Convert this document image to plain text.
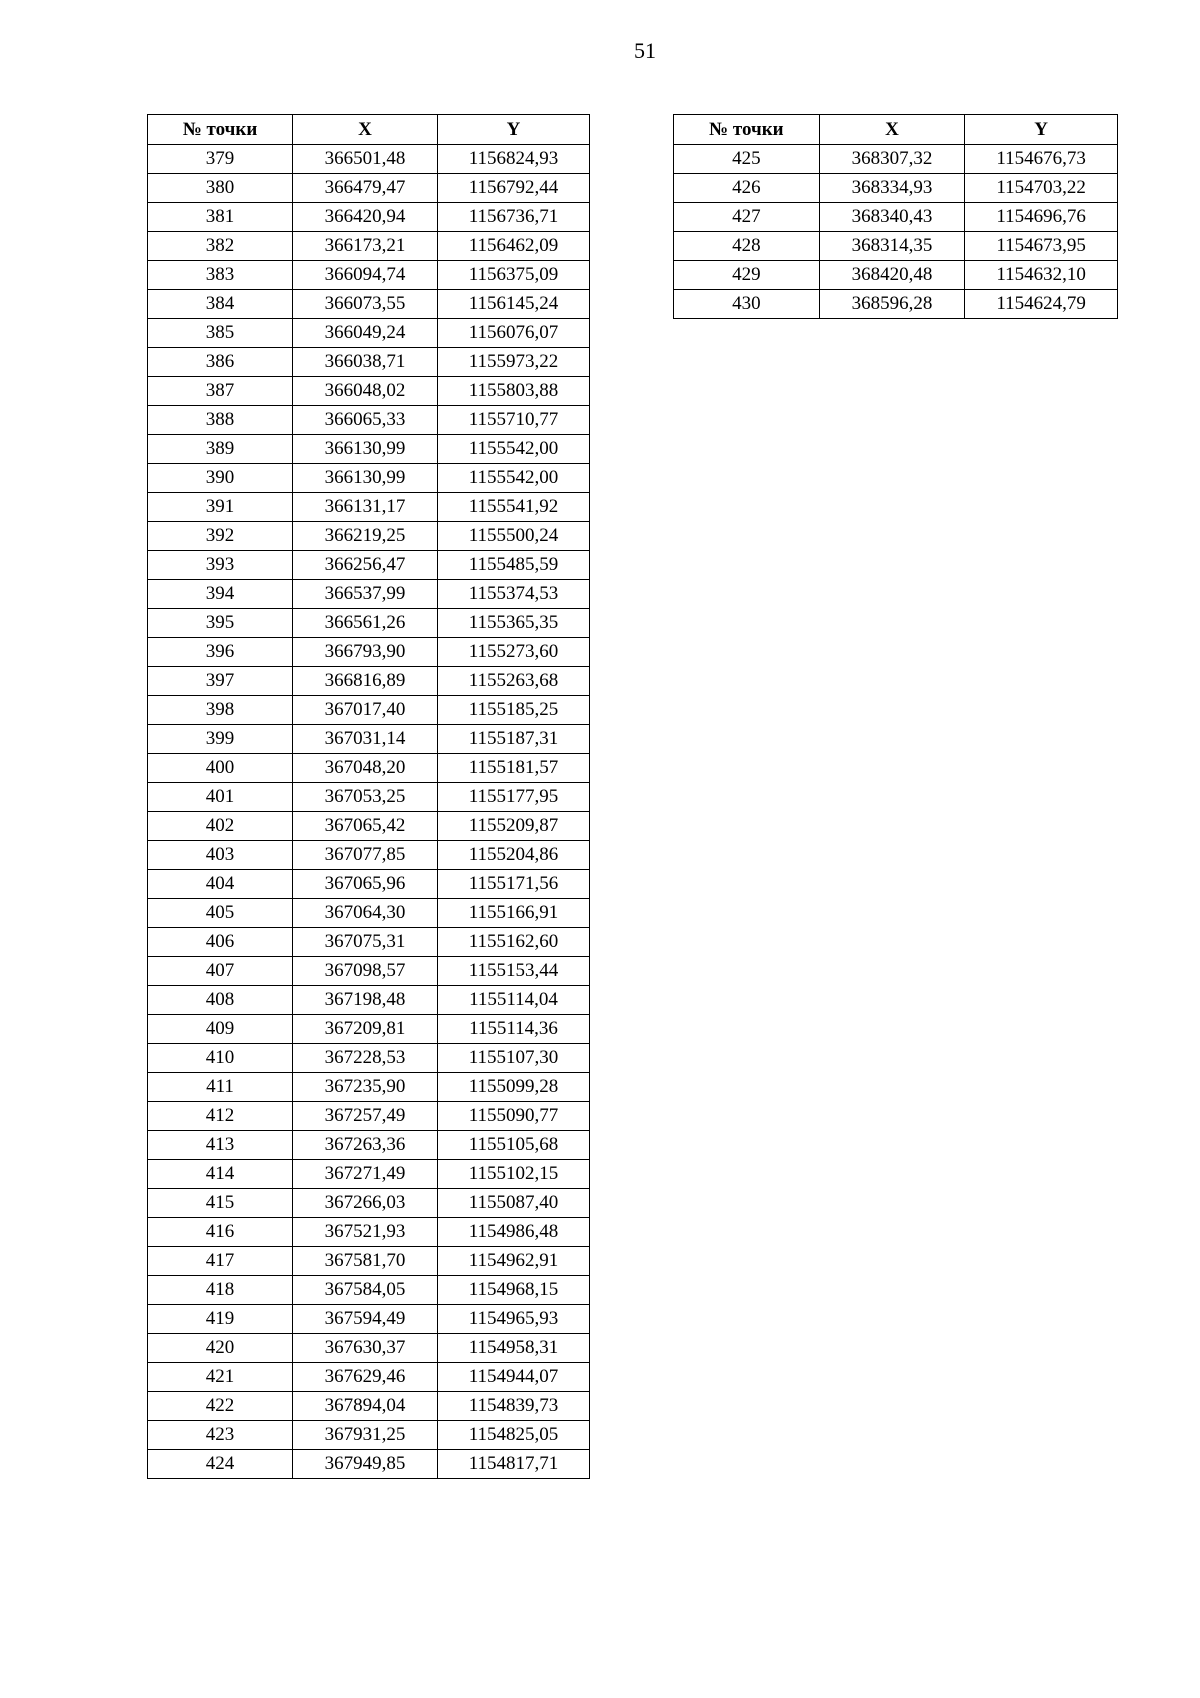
51
№ точки	X	Y
379	366501,48	1156824,93
380	366479,47	1156792,44
381	366420,94	1156736,71
382	366173,21	1156462,09
383	366094,74	1156375,09
384	366073,55	1156145,24
385	366049,24	1156076,07
386	366038,71	1155973,22
387	366048,02	1155803,88
388	366065,33	1155710,77
389	366130,99	1155542,00
390	366130,99	1155542,00
391	366131,17	1155541,92
392	366219,25	1155500,24
393	366256,47	1155485,59
394	366537,99	1155374,53
395	366561,26	1155365,35
396	366793,90	1155273,60
397	366816,89	1155263,68
398	367017,40	1155185,25
399	367031,14	1155187,31
400	367048,20	1155181,57
401	367053,25	1155177,95
402	367065,42	1155209,87
403	367077,85	1155204,86
404	367065,96	1155171,56
405	367064,30	1155166,91
406	367075,31	1155162,60
407	367098,57	1155153,44
408	367198,48	1155114,04
409	367209,81	1155114,36
410	367228,53	1155107,30
411	367235,90	1155099,28
412	367257,49	1155090,77
413	367263,36	1155105,68
414	367271,49	1155102,15
415	367266,03	1155087,40
416	367521,93	1154986,48
417	367581,70	1154962,91
418	367584,05	1154968,15
419	367594,49	1154965,93
420	367630,37	1154958,31
421	367629,46	1154944,07
422	367894,04	1154839,73
423	367931,25	1154825,05
424	367949,85	1154817,71
№ точки	X	Y
425	368307,32	1154676,73
426	368334,93	1154703,22
427	368340,43	1154696,76
428	368314,35	1154673,95
429	368420,48	1154632,10
430	368596,28	1154624,79
